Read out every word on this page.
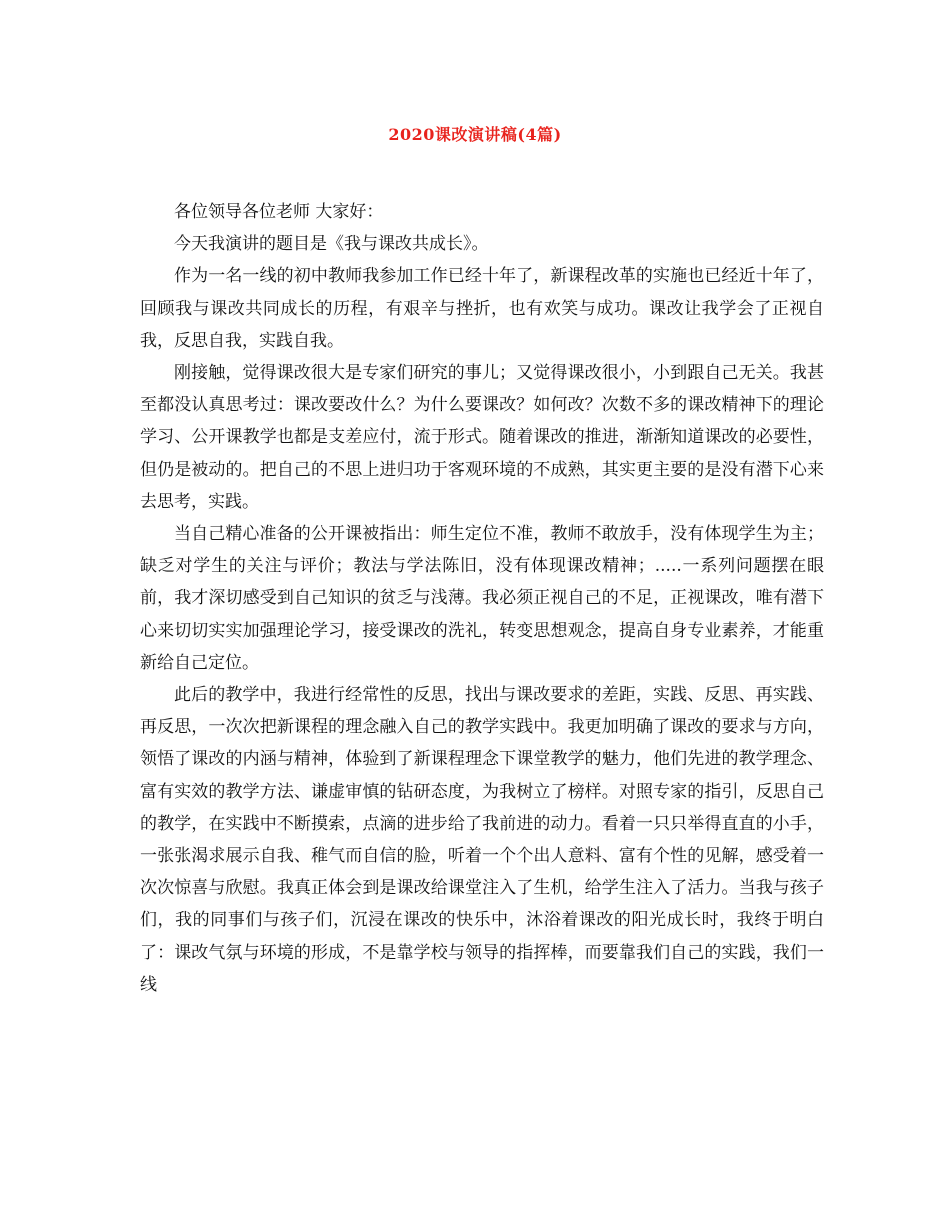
2020课改演讲稿(4篇)

各位领导各位老师 大家好：

今天我演讲的题目是《我与课改共成长》。

作为一名一线的初中教师我参加工作已经十年了，新课程改革的实施也已经近十年了，回顾我与课改共同成长的历程，有艰辛与挫折，也有欢笑与成功。课改让我学会了正视自我，反思自我，实践自我。

刚接触，觉得课改很大是专家们研究的事儿；又觉得课改很小，小到跟自己无关。我甚至都没认真思考过：课改要改什么？为什么要课改？如何改？次数不多的课改精神下的理论学习、公开课教学也都是支差应付，流于形式。随着课改的推进，渐渐知道课改的必要性，但仍是被动的。把自己的不思上进归功于客观环境的不成熟，其实更主要的是没有潜下心来去思考，实践。

当自己精心准备的公开课被指出：师生定位不准，教师不敢放手，没有体现学生为主；缺乏对学生的关注与评价；教法与学法陈旧，没有体现课改精神；.....一系列问题摆在眼前，我才深切感受到自己知识的贫乏与浅薄。我必须正视自己的不足，正视课改，唯有潜下心来切切实实加强理论学习，接受课改的洗礼，转变思想观念，提高自身专业素养，才能重新给自己定位。

此后的教学中，我进行经常性的反思，找出与课改要求的差距，实践、反思、再实践、再反思，一次次把新课程的理念融入自己的教学实践中。我更加明确了课改的要求与方向，领悟了课改的内涵与精神，体验到了新课程理念下课堂教学的魅力，他们先进的教学理念、富有实效的教学方法、谦虚审慎的钻研态度，为我树立了榜样。对照专家的指引，反思自己的教学，在实践中不断摸索，点滴的进步给了我前进的动力。看着一只只举得直直的小手，一张张渴求展示自我、稚气而自信的脸，听着一个个出人意料、富有个性的见解，感受着一次次惊喜与欣慰。我真正体会到是课改给课堂注入了生机，给学生注入了活力。当我与孩子们，我的同事们与孩子们，沉浸在课改的快乐中，沐浴着课改的阳光成长时，我终于明白了：课改气氛与环境的形成，不是靠学校与领导的指挥棒，而要靠我们自己的实践，我们一线
